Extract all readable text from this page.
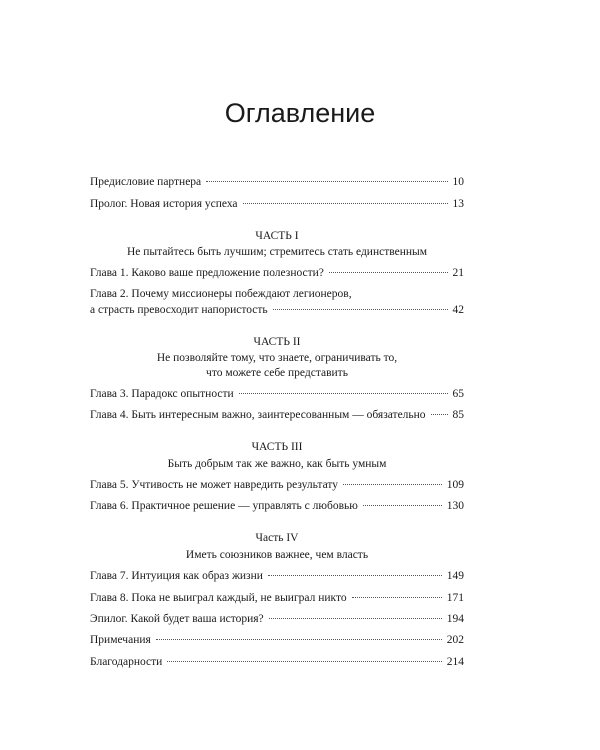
Оглавление
Предисловие партнера	10
Пролог. Новая история успеха	13
ЧАСТЬ I
Не пытайтесь быть лучшим; стремитесь стать единственным
Глава 1. Каково ваше предложение полезности?	21
Глава 2. Почему миссионеры побеждают легионеров,
а страсть превосходит напористость	42
ЧАСТЬ II
Не позволяйте тому, что знаете, ограничивать то,
что можете себе представить
Глава 3. Парадокс опытности	65
Глава 4. Быть интересным важно, заинтересованным — обязательно 85
ЧАСТЬ III
Быть добрым так же важно, как быть умным
Глава 5. Учтивость не может навредить результату	109
Глава 6. Практичное решение — управлять с любовью	130
Часть IV
Иметь союзников важнее, чем власть
Глава 7. Интуиция как образ жизни	149
Глава 8. Пока не выиграл каждый, не выиграл никто	171
Эпилог. Какой будет ваша история?	194
Примечания	202
Благодарности	214
